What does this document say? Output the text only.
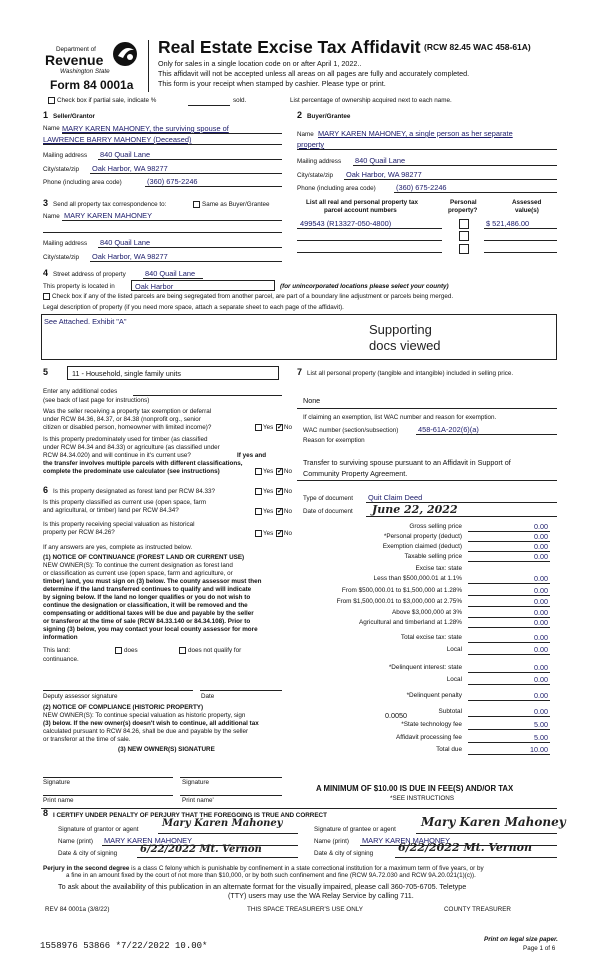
Department of
Revenue
Washington State
Form 84 0001a
Real Estate Excise Tax Affidavit (RCW 82.45 WAC 458-61A)
Only for sales in a single location code on or after April 1, 2022..
This affidavit will not be accepted unless all areas on all pages are fully and accurately completed.
This form is your receipt when stamped by cashier. Please type or print.
Check box if partial sale, indicate %	sold.	List percentage of ownership acquired next to each name.
1 Seller/Grantor
Name MARY KAREN MAHONEY, the surviving spouse of
LAWRENCE BARRY MAHONEY (Deceased)
Mailing address 840 Quail Lane
City/state/zip Oak Harbor, WA 98277
Phone (including area code)	(360) 675-2246
2 Buyer/Grantee
Name MARY KAREN MAHONEY, a single person as her separate
property
Mailing address 840 Quail Lane
City/state/zip Oak Harbor, WA 98277
Phone (including area code)	(360) 675-2246
3 Send all property tax correspondence to:	Same as Buyer/Grantee
Name MARY KAREN MAHONEY
Mailing address 840 Quail Lane
City/state/zip Oak Harbor, WA 98277
List all real and personal property tax
parcel account numbers
Personal
property?
Assessed
value(s)
499543 (R13327-050-4800)	$ 521,486.00
4 Street address of property	840 Quail Lane
This property is located in	Oak Harbor	(for unincorporated locations please select your county)
Check box if any of the listed parcels are being segregated from another parcel, are part of a boundary line adjustment or parcels being merged.
Legal description of property (if you need more space, attach a separate sheet to each page of the affidavit).
See Attached. Exhibit "A"
Supporting
docs viewed
5	11 - Household, single family units
Enter any additional codes
(see back of last page for instructions)
Was the seller receiving a property tax exemption or deferral
under RCW 84.36, 84.37, or 84.38 (nonprofit org., senior
citizen or disabled person, homeowner with limited income)?	Yes ✓ No
Is this property predominately used for timber (as classified
under RCW 84.34 and 84.33) or agriculture (as classified under
RCW 84.34.020) and will continue in it's current use?	If yes and
the transfer involves multiple parcels with different classifications,
complete the predominate use calculator (see instructions)	Yes ✓ No
6 Is this property designated as forest land per RCW 84.33?	Yes ✓ No
Is this property classified as current use (open space, farm
and agricultural, or timber) land per RCW 84.34?	Yes ✓ No
Is this property receiving special valuation as historical
property per RCW 84.26?	Yes ✓ No
If any answers are yes, complete as instructed below.
(1) NOTICE OF CONTINUANCE (FOREST LAND OR CURRENT USE)
NEW OWNER(S): To continue the current designation as forest land
or classification as current use (open space, farm and agriculture, or
timber) land, you must sign on (3) below. The county assessor must then
determine if the land transferred continues to qualify and will indicate
by signing below. If the land no longer qualifies or you do not wish to
continue the designation or classification, it will be removed and the
compensating or additional taxes will be due and payable by the seller
or transferor at the time of sale (RCW 84.33.140 or 84.34.108). Prior to
signing (3) below, you may contact your local county assessor for more
information
This land:	does	does not qualify for
continuance.
Deputy assessor signature	Date
(2) NOTICE OF COMPLIANCE (HISTORIC PROPERTY)
NEW OWNER(S): To continue special valuation as historic property, sign
(3) below. If the new owner(s) doesn't wish to continue, all additional tax
calculated pursuant to RCW 84.26, shall be due and payable by the seller
or transferor at the time of sale.
(3) NEW OWNER(S) SIGNATURE
Signature	Signature
Print name	Print name'
7 List all personal property (tangible and intangible) included in selling price.
None
If claiming an exemption, list WAC number and reason for exemption.
WAC number (section/subsection)	458-61A-202(6)(a)
Reason for exemption
Transfer to surviving spouse pursuant to an Affidavit in Support of
Community Property Agreement.
Type of document Quit Claim Deed
Date of document June 22, 2022
Gross selling price	0.00
*Personal property (deduct)	0.00
Exemption claimed (deduct)	0.00
Taxable selling price	0.00
Excise tax: state
Less than $500,000.01 at 1.1%	0.00
From $500,000.01 to $1,500,000 at 1.28%	0.00
From $1,500,000.01 to $3,000,000 at 2.75%	0.00
Above $3,000,000 at 3%	0.00
Agricultural and timberland at 1.28%	0.00
Total excise tax: state	0.00
Local	0.00
*Delinquent interest: state	0.00
Local	0.00
*Delinquent penalty	0.00
Subtotal	0.00
*State technology fee	5.00
Affidavit processing fee	5.00
Total due	10.00
0.0050
A MINIMUM OF $10.00 IS DUE IN FEE(S) AND/OR TAX
*SEE INSTRUCTIONS
8 I CERTIFY UNDER PENALTY OF PERJURY THAT THE FOREGOING IS TRUE AND CORRECT
Signature of grantor or agent
Mary Karen Mahoney
Name (print) MARY KAREN MAHONEY
Date & city of signing 6/22/2022 Mt. Vernon
Signature of grantee or agent
Mary Karen Mahoney
Name (print) MARY KAREN MAHONEY
Date & city of signing 6/22/2022 Mt. Vernon
Perjury in the second degree is a class C felony which is punishable by confinement in a state correctional institution for a maximum term of five years, or by
a fine in an amount fixed by the court of not more than $10,000, or by both such confinement and fine (RCW 9A.72.030 and RCW 9A.20.021(1)(c)).
To ask about the availability of this publication in an alternate format for the visually impaired, please call 360-705-6705. Teletype
(TTY) users may use the WA Relay Service by calling 711.
REV 84 0001a (3/8/22)	THIS SPACE TREASURER'S USE ONLY	COUNTY TREASURER
1558976 53866 *7/22/2022 10.00*
Print on legal size paper.
Page 1 of 6
